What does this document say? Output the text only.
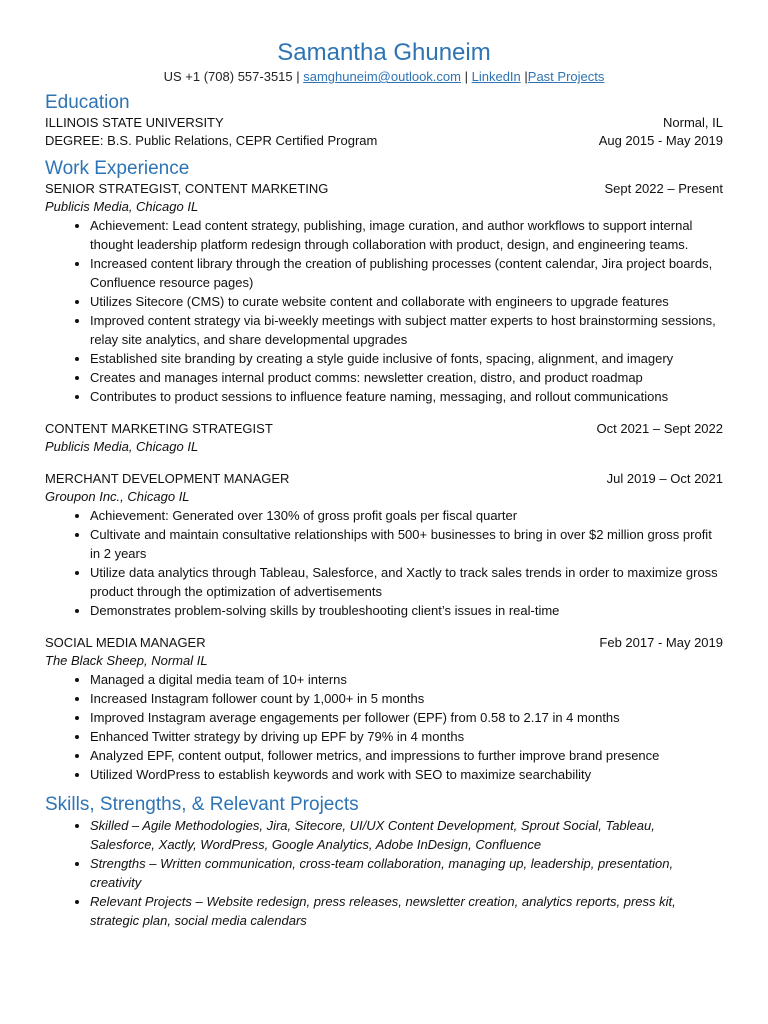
Samantha Ghuneim
US +1 (708) 557-3515 | samghuneim@outlook.com | LinkedIn |Past Projects
Education
ILLINOIS STATE UNIVERSITY	Normal, IL
DEGREE: B.S. Public Relations, CEPR Certified Program	Aug 2015 - May 2019
Work Experience
SENIOR STRATEGIST, CONTENT MARKETING	Sept 2022 – Present
Publicis Media, Chicago IL
• Achievement: Lead content strategy, publishing, image curation, and author workflows to support internal thought leadership platform redesign through collaboration with product, design, and engineering teams.
• Increased content library through the creation of publishing processes (content calendar, Jira project boards, Confluence resource pages)
• Utilizes Sitecore (CMS) to curate website content and collaborate with engineers to upgrade features
• Improved content strategy via bi-weekly meetings with subject matter experts to host brainstorming sessions, relay site analytics, and share developmental upgrades
• Established site branding by creating a style guide inclusive of fonts, spacing, alignment, and imagery
• Creates and manages internal product comms: newsletter creation, distro, and product roadmap
• Contributes to product sessions to influence feature naming, messaging, and rollout communications
CONTENT MARKETING STRATEGIST	Oct 2021 – Sept 2022
Publicis Media, Chicago IL
MERCHANT DEVELOPMENT MANAGER	Jul 2019 – Oct 2021
Groupon Inc., Chicago IL
• Achievement: Generated over 130% of gross profit goals per fiscal quarter
• Cultivate and maintain consultative relationships with 500+ businesses to bring in over $2 million gross profit in 2 years
• Utilize data analytics through Tableau, Salesforce, and Xactly to track sales trends in order to maximize gross product through the optimization of advertisements
• Demonstrates problem-solving skills by troubleshooting client’s issues in real-time
SOCIAL MEDIA MANAGER	Feb 2017 - May 2019
The Black Sheep, Normal IL
• Managed a digital media team of 10+ interns
• Increased Instagram follower count by 1,000+ in 5 months
• Improved Instagram average engagements per follower (EPF) from 0.58 to 2.17 in 4 months
• Enhanced Twitter strategy by driving up EPF by 79% in 4 months
• Analyzed EPF, content output, follower metrics, and impressions to further improve brand presence
• Utilized WordPress to establish keywords and work with SEO to maximize searchability
Skills, Strengths, & Relevant Projects
• Skilled – Agile Methodologies, Jira, Sitecore, UI/UX Content Development, Sprout Social, Tableau, Salesforce, Xactly, WordPress, Google Analytics, Adobe InDesign, Confluence
• Strengths – Written communication, cross-team collaboration, managing up, leadership, presentation, creativity
• Relevant Projects – Website redesign, press releases, newsletter creation, analytics reports, press kit, strategic plan, social media calendars
